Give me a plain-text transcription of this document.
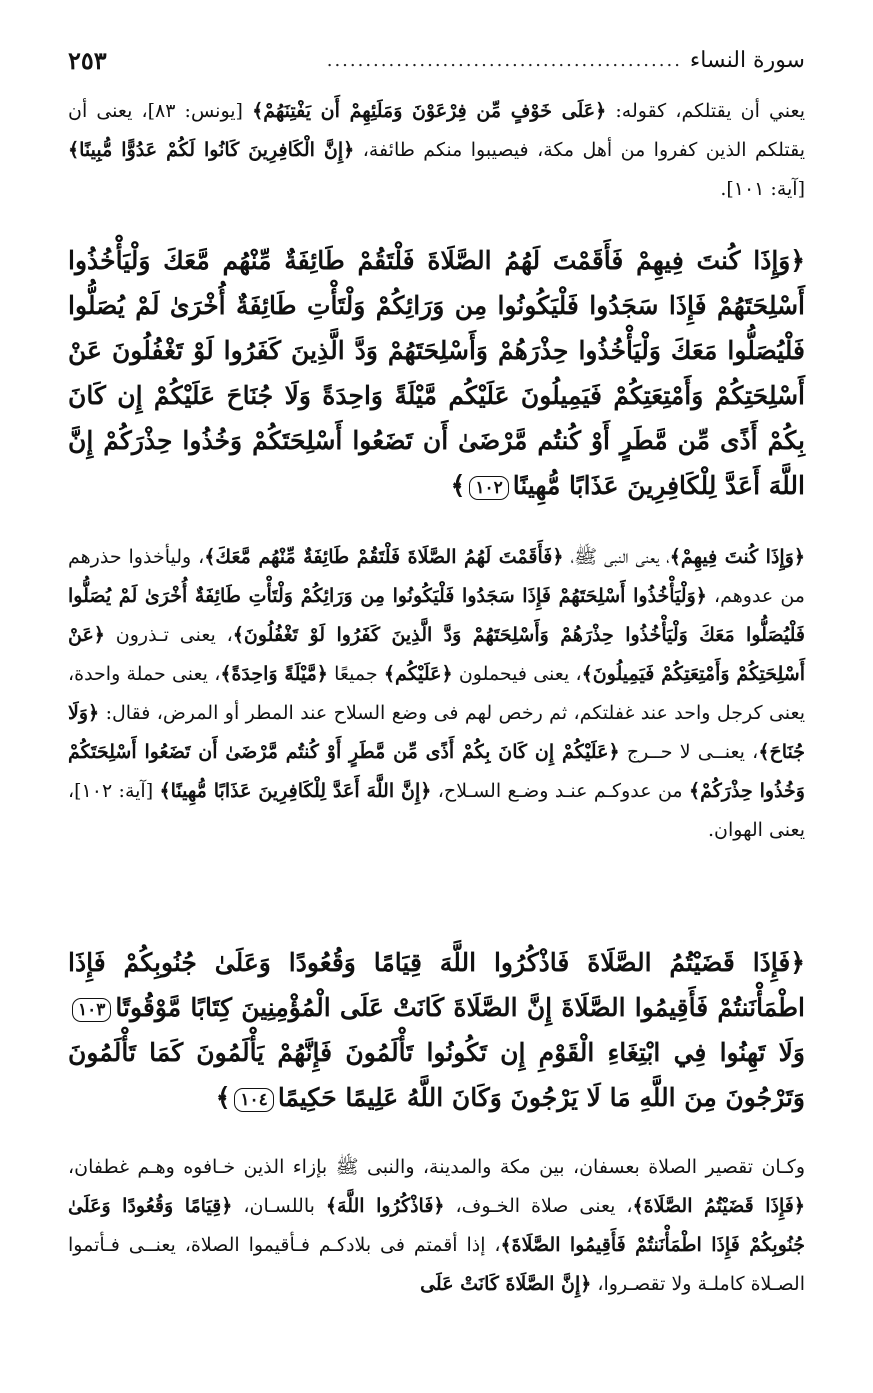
سورة النساء
..............................................
٢٥٣

يعني أن يقتلكم، كقوله: ﴿عَلَى خَوْفٍ مِّن فِرْعَوْنَ وَمَلَئِهِمْ أَن يَفْتِنَهُمْ﴾ [يونس: ٨٣]، يعنى أن يقتلكم الذين كفروا من أهل مكة، فيصيبوا منكم طائفة، ﴿إِنَّ الْكَافِرِينَ كَانُوا لَكُمْ عَدُوًّا مُّبِينًا﴾ [آية: ١٠١].

﴿وَإِذَا كُنتَ فِيهِمْ فَأَقَمْتَ لَهُمُ الصَّلَاةَ فَلْتَقُمْ طَائِفَةٌ مِّنْهُم مَّعَكَ وَلْيَأْخُذُوا أَسْلِحَتَهُمْ فَإِذَا سَجَدُوا فَلْيَكُونُوا مِن وَرَائِكُمْ وَلْتَأْتِ طَائِفَةٌ أُخْرَىٰ لَمْ يُصَلُّوا فَلْيُصَلُّوا مَعَكَ وَلْيَأْخُذُوا حِذْرَهُمْ وَأَسْلِحَتَهُمْ وَدَّ الَّذِينَ كَفَرُوا لَوْ تَغْفُلُونَ عَنْ أَسْلِحَتِكُمْ وَأَمْتِعَتِكُمْ فَيَمِيلُونَ عَلَيْكُم مَّيْلَةً وَاحِدَةً وَلَا جُنَاحَ عَلَيْكُمْ إِن كَانَ بِكُمْ أَذًى مِّن مَّطَرٍ أَوْ كُنتُم مَّرْضَىٰ أَن تَضَعُوا أَسْلِحَتَكُمْ وَخُذُوا حِذْرَكُمْ إِنَّ اللَّهَ أَعَدَّ لِلْكَافِرِينَ عَذَابًا مُّهِينًا١٠٢﴾

﴿وَإِذَا كُنتَ فِيهِمْ﴾، يعنى النبى ﷺ، ﴿فَأَقَمْتَ لَهُمُ الصَّلَاةَ فَلْتَقُمْ طَائِفَةٌ مِّنْهُم مَّعَكَ﴾، وليأخذوا حذرهم من عدوهم، ﴿وَلْيَأْخُذُوا أَسْلِحَتَهُمْ فَإِذَا سَجَدُوا فَلْيَكُونُوا مِن وَرَائِكُمْ وَلْتَأْتِ طَائِفَةٌ أُخْرَىٰ لَمْ يُصَلُّوا فَلْيُصَلُّوا مَعَكَ وَلْيَأْخُذُوا حِذْرَهُمْ وَأَسْلِحَتَهُمْ وَدَّ الَّذِينَ كَفَرُوا لَوْ تَغْفُلُونَ﴾، يعنى تـذرون ﴿عَنْ أَسْلِحَتِكُمْ وَأَمْتِعَتِكُمْ فَيَمِيلُونَ﴾، يعنى فيحملون ﴿عَلَيْكُم﴾ جميعًا ﴿مَّيْلَةً وَاحِدَةً﴾، يعنى حملة واحدة، يعنى كرجل واحد عند غفلتكم، ثم رخص لهم فى وضع السلاح عند المطر أو المرض، فقال: ﴿وَلَا جُنَاحَ﴾، يعنــى لا حــرج ﴿عَلَيْكُمْ إِن كَانَ بِكُمْ أَذًى مِّن مَّطَرٍ أَوْ كُنتُم مَّرْضَىٰ أَن تَضَعُوا أَسْلِحَتَكُمْ وَخُذُوا حِذْرَكُمْ﴾ من عدوكـم عنـد وضـع السـلاح، ﴿إِنَّ اللَّهَ أَعَدَّ لِلْكَافِرِينَ عَذَابًا مُّهِينًا﴾ [آية: ١٠٢]، يعنى الهوان.

﴿فَإِذَا قَضَيْتُمُ الصَّلَاةَ فَاذْكُرُوا اللَّهَ قِيَامًا وَقُعُودًا وَعَلَىٰ جُنُوبِكُمْ فَإِذَا اطْمَأْنَنتُمْ فَأَقِيمُوا الصَّلَاةَ إِنَّ الصَّلَاةَ كَانَتْ عَلَى الْمُؤْمِنِينَ كِتَابًا مَّوْقُوتًا١٠٣ وَلَا تَهِنُوا فِي ابْتِغَاءِ الْقَوْمِ إِن تَكُونُوا تَأْلَمُونَ فَإِنَّهُمْ يَأْلَمُونَ كَمَا تَأْلَمُونَ وَتَرْجُونَ مِنَ اللَّهِ مَا لَا يَرْجُونَ وَكَانَ اللَّهُ عَلِيمًا حَكِيمًا١٠٤﴾

وكـان تقصير الصلاة بعسفان، بين مكة والمدينة، والنبى ﷺ بإزاء الذين خـافوه وهـم غطفان، ﴿فَإِذَا قَضَيْتُمُ الصَّلَاةَ﴾، يعنى صلاة الخـوف، ﴿فَاذْكُرُوا اللَّهَ﴾ باللسـان، ﴿قِيَامًا وَقُعُودًا وَعَلَىٰ جُنُوبِكُمْ فَإِذَا اطْمَأْنَنتُمْ فَأَقِيمُوا الصَّلَاةَ﴾، إذا أقمتم فى بلادكـم فـأقيموا الصلاة، يعنــى فـأتموا الصـلاة كاملـة ولا تقصـروا، ﴿إِنَّ الصَّلَاةَ كَانَتْ عَلَى
